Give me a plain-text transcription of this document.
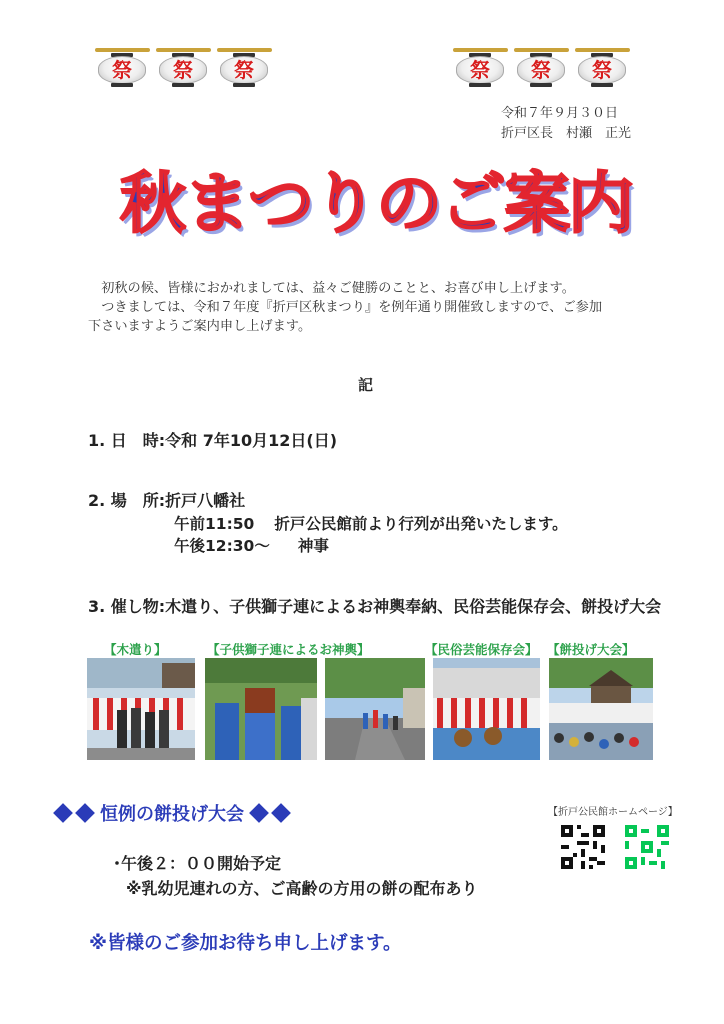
祭 祭 祭	祭 祭 祭
令和７年９月３０日
折戸区長　村瀬　正光
秋まつりのご案内

初秋の候、皆様におかれましては、益々ご健勝のことと、お喜び申し上げます。

つきましては、令和７年度『折戸区秋まつり』を例年通り開催致しますので、ご参加

下さいますようご案内申し上げます。

記
1. 日　時:令和 7年10月12日(日)
2. 場　所:折戸八幡社
午前11:50 折戸公民館前より行列が出発いたします。
午後12:30～ 神事
3. 催し物:木遣り、子供獅子連によるお神輿奉納、民俗芸能保存会、餅投げ大会
【木遣り】	【子供獅子連によるお神輿】	【民俗芸能保存会】 【餅投げ大会】
恒例の餅投げ大会	【折戸公民館ホームページ】
･午後２：００開始予定
※乳幼児連れの方、ご高齢の方用の餅の配布あり
※皆様のご参加お待ち申し上げます。
